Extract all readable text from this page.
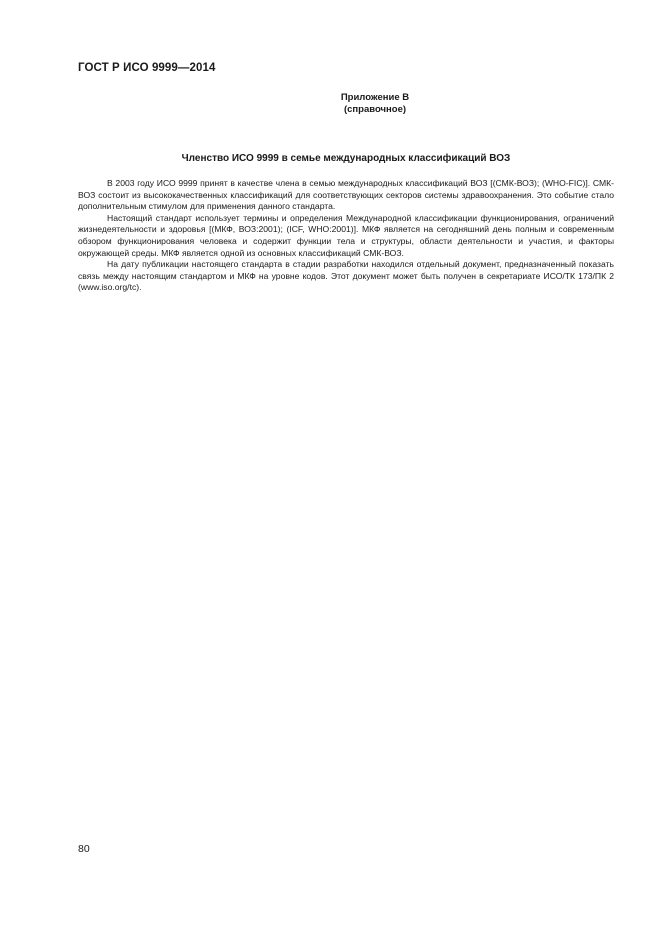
ГОСТ Р ИСО 9999—2014
Приложение В
(справочное)
Членство ИСО 9999 в семье международных классификаций ВОЗ

В 2003 году ИСО 9999 принят в качестве члена в семью международных классификаций ВОЗ [(СМК-ВОЗ); (WHO-FIC)]. СМК-ВОЗ состоит из высококачественных классификаций для соответствующих секторов системы здравоохранения. Это событие стало дополнительным стимулом для применения данного стандарта.

Настоящий стандарт использует термины и определения Международной классификации функционирования, ограничений жизнедеятельности и здоровья [(МКФ, ВОЗ:2001); (ICF, WHO:2001)]. МКФ является на сегодняшний день полным и современным обзором функционирования человека и содержит функции тела и структуры, области деятельности и участия, и факторы окружающей среды. МКФ является одной из основных классификаций СМК-ВОЗ.

На дату публикации настоящего стандарта в стадии разработки находился отдельный документ, предназначенный показать связь между настоящим стандартом и МКФ на уровне кодов. Этот документ может быть получен в секретариате ИСО/ТК 173/ПК 2 (www.iso.org/tc).

80
